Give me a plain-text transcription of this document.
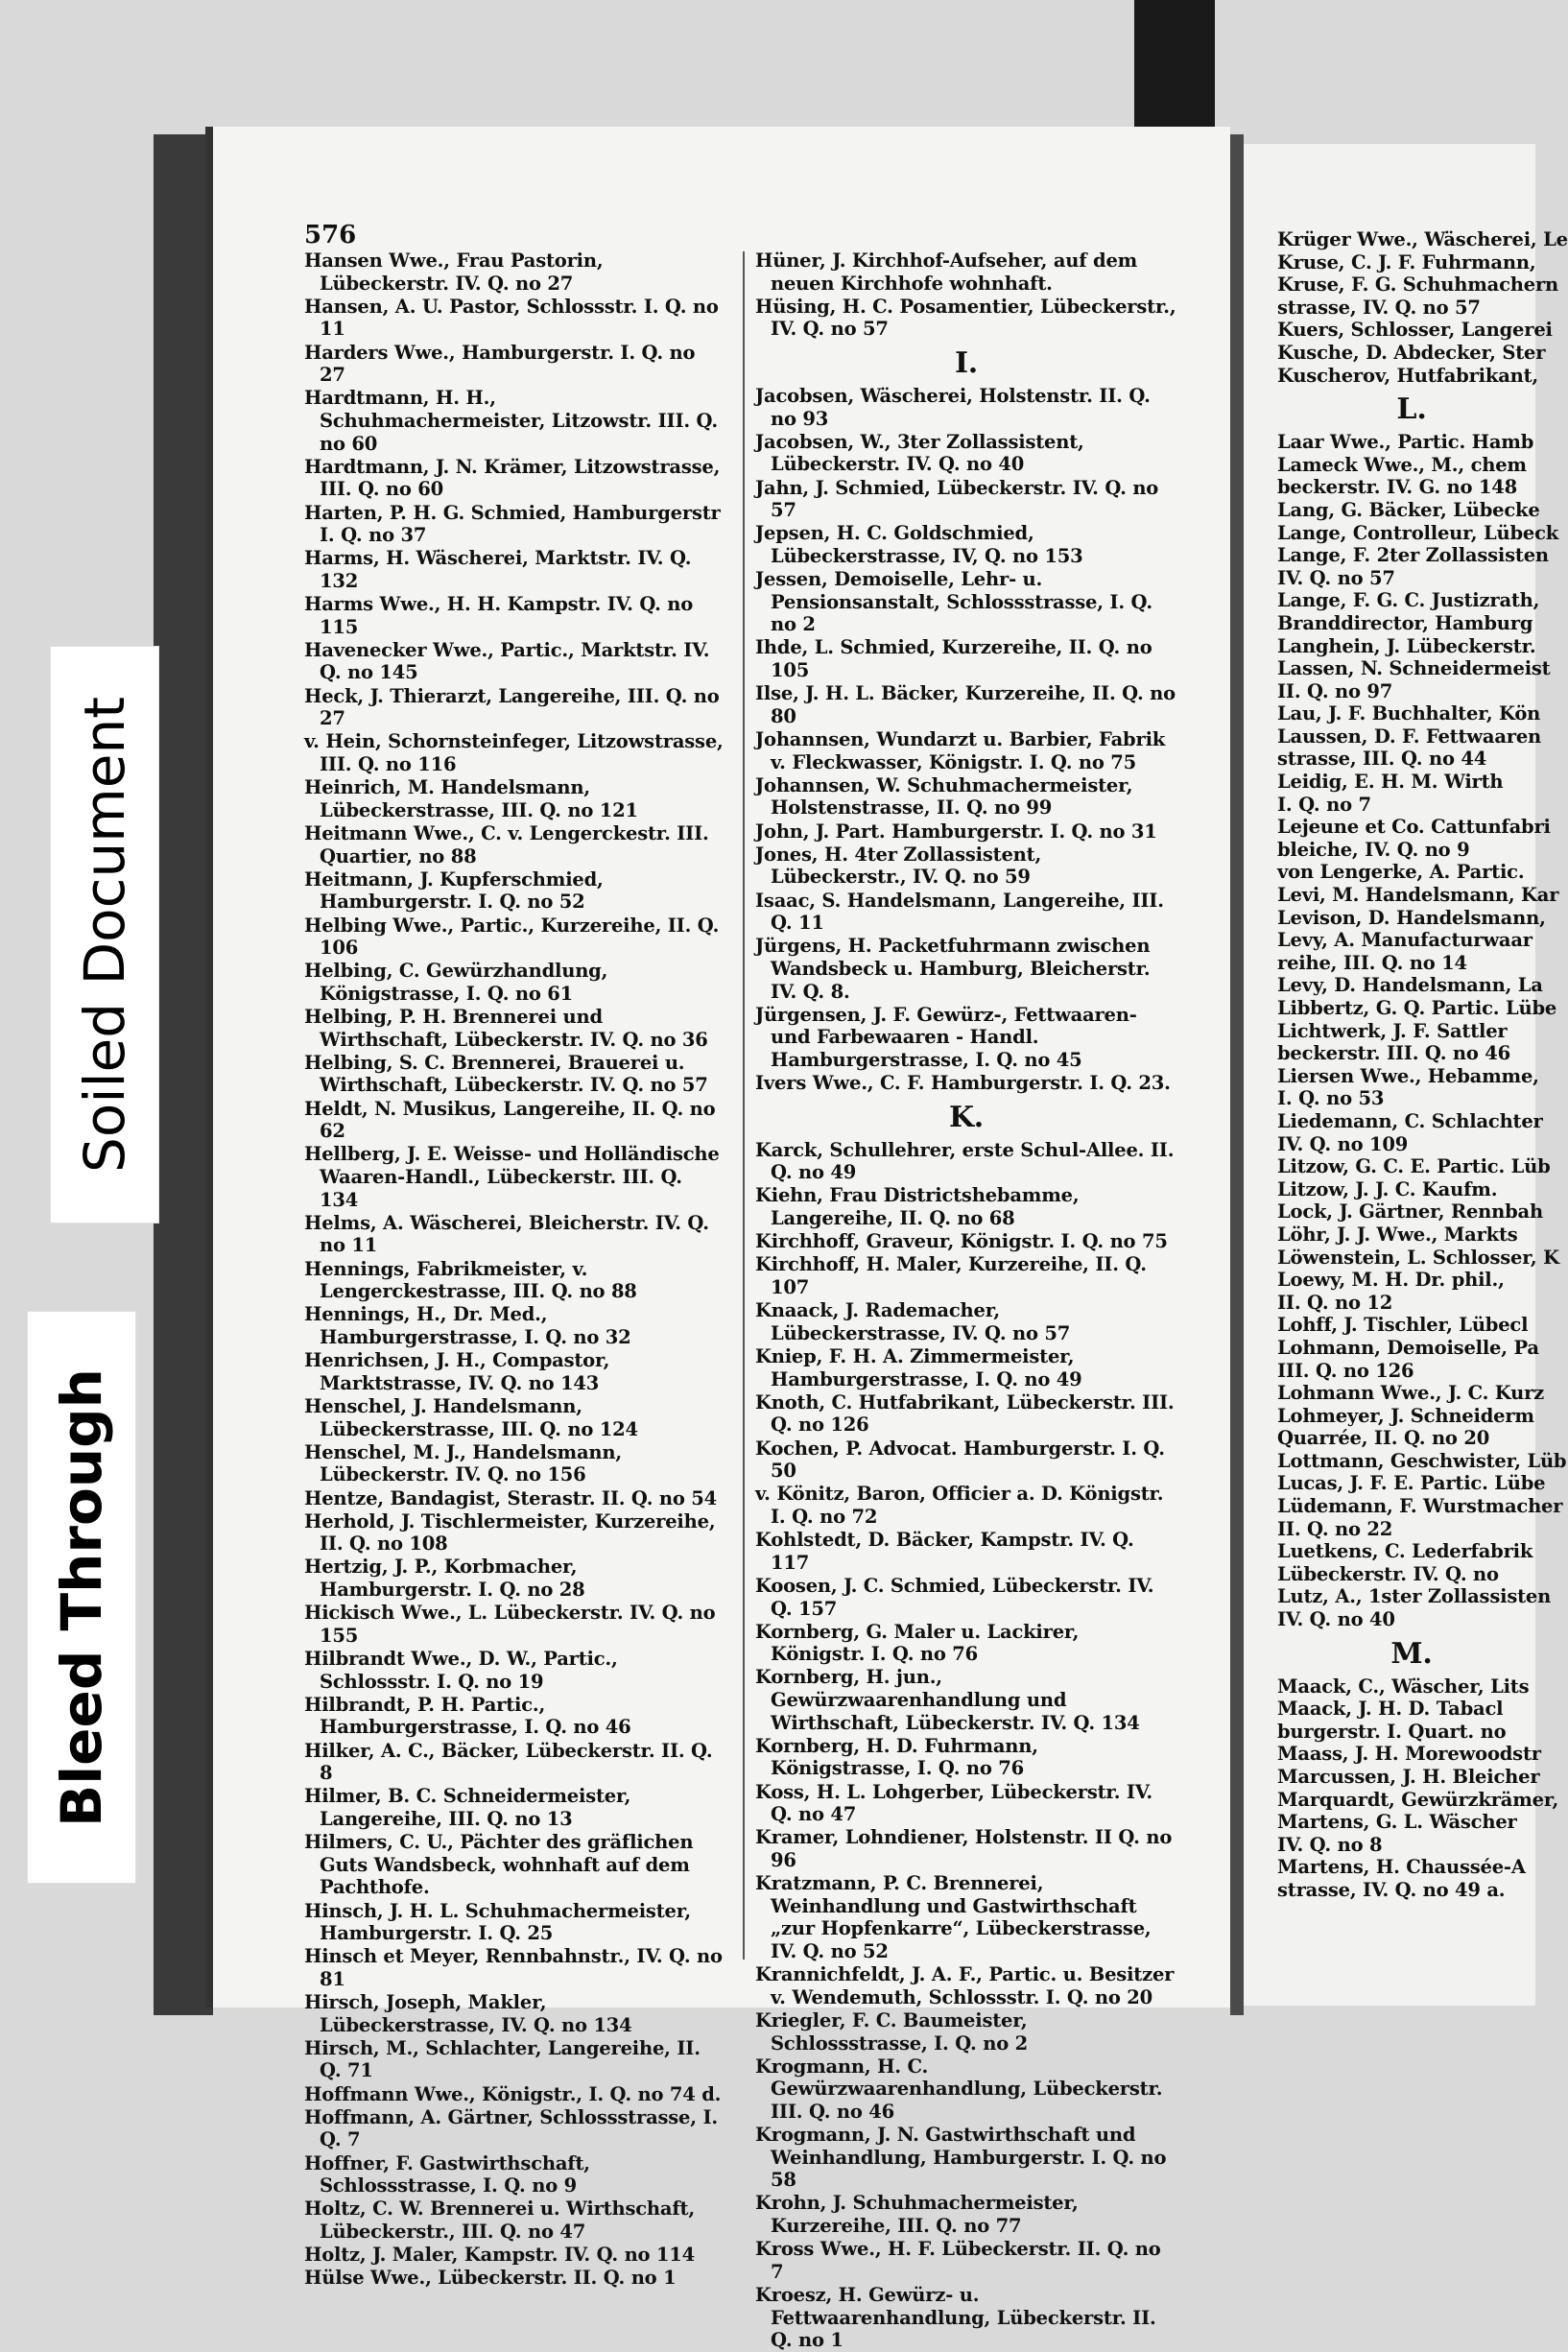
576
Hansen Wwe., Frau Pastorin, Lübeckerstr. IV. Q. no 27
Hansen, A. U. Pastor, Schlossstr. I. Q. no 11
Harders Wwe., Hamburgerstr. I. Q. no 27
Hardtmann, H. H., Schuhmachermeister, Litzowstr. III. Q. no 60
Hardtmann, J. N. Krämer, Litzowstrasse, III. Q. no 60
Harten, P. H. G. Schmied, Hamburgerstr I. Q. no 37
Harms, H. Wäscherei, Marktstr. IV. Q. 132
Harms Wwe., H. H. Kampstr. IV. Q. no 115
Havenecker Wwe., Partic., Marktstr. IV. Q. no 145
Heck, J. Thierarzt, Langereihe, III. Q. no 27
v. Hein, Schornsteinfeger, Litzowstrasse, III. Q. no 116
Heinrich, M. Handelsmann, Lübeckerstrasse, III. Q. no 121
Heitmann Wwe., C. v. Lengerckestr. III. Quartier, no 88
Heitmann, J. Kupferschmied, Hamburgerstr. I. Q. no 52
Helbing Wwe., Partic., Kurzereihe, II. Q. 106
Helbing, C. Gewürzhandlung, Königstrasse, I. Q. no 61
Helbing, P. H. Brennerei und Wirthschaft, Lübeckerstr. IV. Q. no 36
Helbing, S. C. Brennerei, Brauerei u. Wirthschaft, Lübeckerstr. IV. Q. no 57
Heldt, N. Musikus, Langereihe, II. Q. no 62
Hellberg, J. E. Weisse- und Holländische Waaren-Handl., Lübeckerstr. III. Q. 134
Helms, A. Wäscherei, Bleicherstr. IV. Q. no 11
Hennings, Fabrikmeister, v. Lengerckestrasse, III. Q. no 88
Hennings, H., Dr. Med., Hamburgerstrasse, I. Q. no 32
Henrichsen, J. H., Compastor, Marktstrasse, IV. Q. no 143
Henschel, J. Handelsmann, Lübeckerstrasse, III. Q. no 124
Henschel, M. J., Handelsmann, Lübeckerstr. IV. Q. no 156
Hentze, Bandagist, Sterastr. II. Q. no 54
Herhold, J. Tischlermeister, Kurzereihe, II. Q. no 108
Hertzig, J. P., Korbmacher, Hamburgerstr. I. Q. no 28
Hickisch Wwe., L. Lübeckerstr. IV. Q. no 155
Hilbrandt Wwe., D. W., Partic., Schlossstr. I. Q. no 19
Hilbrandt, P. H. Partic., Hamburgerstrasse, I. Q. no 46
Hilker, A. C., Bäcker, Lübeckerstr. II. Q. 8
Hilmer, B. C. Schneidermeister, Langereihe, III. Q. no 13
Hilmers, C. U., Pächter des gräflichen Guts Wandsbeck, wohnhaft auf dem Pachthofe.
Hinsch, J. H. L. Schuhmachermeister, Hamburgerstr. I. Q. 25
Hinsch et Meyer, Rennbahnstr., IV. Q. no 81
Hirsch, Joseph, Makler, Lübeckerstrasse, IV. Q. no 134
Hirsch, M., Schlachter, Langereihe, II. Q. 71
Hoffmann Wwe., Königstr., I. Q. no 74 d.
Hoffmann, A. Gärtner, Schlossstrasse, I. Q. 7
Hoffner, F. Gastwirthschaft, Schlossstrasse, I. Q. no 9
Holtz, C. W. Brennerei u. Wirthschaft, Lübeckerstr., III. Q. no 47
Holtz, J. Maler, Kampstr. IV. Q. no 114
Hülse Wwe., Lübeckerstr. II. Q. no 1
Hüner, J. Kirchhof-Aufseher, auf dem neuen Kirchhofe wohnhaft.
Hüsing, H. C. Posamentier, Lübeckerstr., IV. Q. no 57
I.
Jacobsen, Wäscherei, Holstenstr. II. Q. no 93
Jacobsen, W., 3ter Zollassistent, Lübeckerstr. IV. Q. no 40
Jahn, J. Schmied, Lübeckerstr. IV. Q. no 57
Jepsen, H. C. Goldschmied, Lübeckerstrasse, IV, Q. no 153
Jessen, Demoiselle, Lehr- u. Pensionsanstalt, Schlossstrasse, I. Q. no 2
Ihde, L. Schmied, Kurzereihe, II. Q. no 105
Ilse, J. H. L. Bäcker, Kurzereihe, II. Q. no 80
Johannsen, Wundarzt u. Barbier, Fabrik v. Fleckwasser, Königstr. I. Q. no 75
Johannsen, W. Schuhmachermeister, Holstenstrasse, II. Q. no 99
John, J. Part. Hamburgerstr. I. Q. no 31
Jones, H. 4ter Zollassistent, Lübeckerstr., IV. Q. no 59
Isaac, S. Handelsmann, Langereihe, III. Q. 11
Jürgens, H. Packetfuhrmann zwischen Wandsbeck u. Hamburg, Bleicherstr. IV. Q. 8.
Jürgensen, J. F. Gewürz-, Fettwaaren- und Farbewaaren - Handl. Hamburgerstrasse, I. Q. no 45
Ivers Wwe., C. F. Hamburgerstr. I. Q. 23.
K.
Karck, Schullehrer, erste Schul-Allee. II. Q. no 49
Kiehn, Frau Districtshebamme, Langereihe, II. Q. no 68
Kirchhoff, Graveur, Königstr. I. Q. no 75
Kirchhoff, H. Maler, Kurzereihe, II. Q. 107
Knaack, J. Rademacher, Lübeckerstrasse, IV. Q. no 57
Kniep, F. H. A. Zimmermeister, Hamburgerstrasse, I. Q. no 49
Knoth, C. Hutfabrikant, Lübeckerstr. III. Q. no 126
Kochen, P. Advocat. Hamburgerstr. I. Q. 50
v. Könitz, Baron, Officier a. D. Königstr. I. Q. no 72
Kohlstedt, D. Bäcker, Kampstr. IV. Q. 117
Koosen, J. C. Schmied, Lübeckerstr. IV. Q. 157
Kornberg, G. Maler u. Lackirer, Königstr. I. Q. no 76
Kornberg, H. jun., Gewürzwaarenhandlung und Wirthschaft, Lübeckerstr. IV. Q. 134
Kornberg, H. D. Fuhrmann, Königstrasse, I. Q. no 76
Koss, H. L. Lohgerber, Lübeckerstr. IV. Q. no 47
Kramer, Lohndiener, Holstenstr. II Q. no 96
Kratzmann, P. C. Brennerei, Weinhandlung und Gastwirthschaft „zur Hopfenkarre“, Lübeckerstrasse, IV. Q. no 52
Krannichfeldt, J. A. F., Partic. u. Besitzer v. Wendemuth, Schlossstr. I. Q. no 20
Kriegler, F. C. Baumeister, Schlossstrasse, I. Q. no 2
Krogmann, H. C. Gewürzwaarenhandlung, Lübeckerstr. III. Q. no 46
Krogmann, J. N. Gastwirthschaft und Weinhandlung, Hamburgerstr. I. Q. no 58
Krohn, J. Schuhmachermeister, Kurzereihe, III. Q. no 77
Kross Wwe., H. F. Lübeckerstr. II. Q. no 7
Kroesz, H. Gewürz- u. Fettwaarenhandlung, Lübeckerstr. II. Q. no 1
Krüger Wwe., Wäscherei, Le
Kruse, C. J. F. Fuhrmann,
Kruse, F. G. Schuhmachern
strasse, IV. Q. no 57
Kuers, Schlosser, Langerei
Kusche, D. Abdecker, Ster
Kuscherov, Hutfabrikant,
L.
Laar Wwe., Partic. Hamb
Lameck Wwe., M., chem
beckerstr. IV. G. no 148
Lang, G. Bäcker, Lübecke
Lange, Controlleur, Lübeck
Lange, F. 2ter Zollassisten
IV. Q. no 57
Lange, F. G. C. Justizrath,
Branddirector, Hamburg
Langhein, J. Lübeckerstr.
Lassen, N. Schneidermeist
II. Q. no 97
Lau, J. F. Buchhalter, Kön
Laussen, D. F. Fettwaaren
strasse, III. Q. no 44
Leidig, E. H. M. Wirth
I. Q. no 7
Lejeune et Co. Cattunfabri
bleiche, IV. Q. no 9
von Lengerke, A. Partic.
Levi, M. Handelsmann, Kar
Levison, D. Handelsmann,
Levy, A. Manufacturwaar
reihe, III. Q. no 14
Levy, D. Handelsmann, La
Libbertz, G. Q. Partic. Lübe
Lichtwerk, J. F. Sattler
beckerstr. III. Q. no 46
Liersen Wwe., Hebamme,
I. Q. no 53
Liedemann, C. Schlachter
IV. Q. no 109
Litzow, G. C. E. Partic. Lüb
Litzow, J. J. C. Kaufm.
Lock, J. Gärtner, Rennbah
Löhr, J. J. Wwe., Markts
Löwenstein, L. Schlosser, K
Loewy, M. H. Dr. phil.,
II. Q. no 12
Lohff, J. Tischler, Lübecl
Lohmann, Demoiselle, Pa
III. Q. no 126
Lohmann Wwe., J. C. Kurz
Lohmeyer, J. Schneiderm
Quarrée, II. Q. no 20
Lottmann, Geschwister, Lüb
Lucas, J. F. E. Partic. Lübe
Lüdemann, F. Wurstmacher
II. Q. no 22
Luetkens, C. Lederfabrik
Lübeckerstr. IV. Q. no
Lutz, A., 1ster Zollassisten
IV. Q. no 40
M.
Maack, C., Wäscher, Lits
Maack, J. H. D. Tabacl
burgerstr. I. Quart. no
Maass, J. H. Morewoodstr
Marcussen, J. H. Bleicher
Marquardt, Gewürzkrämer,
Martens, G. L. Wäscher
IV. Q. no 8
Martens, H. Chaussée-A
strasse, IV. Q. no 49 a.
Soiled Document
Bleed Through
